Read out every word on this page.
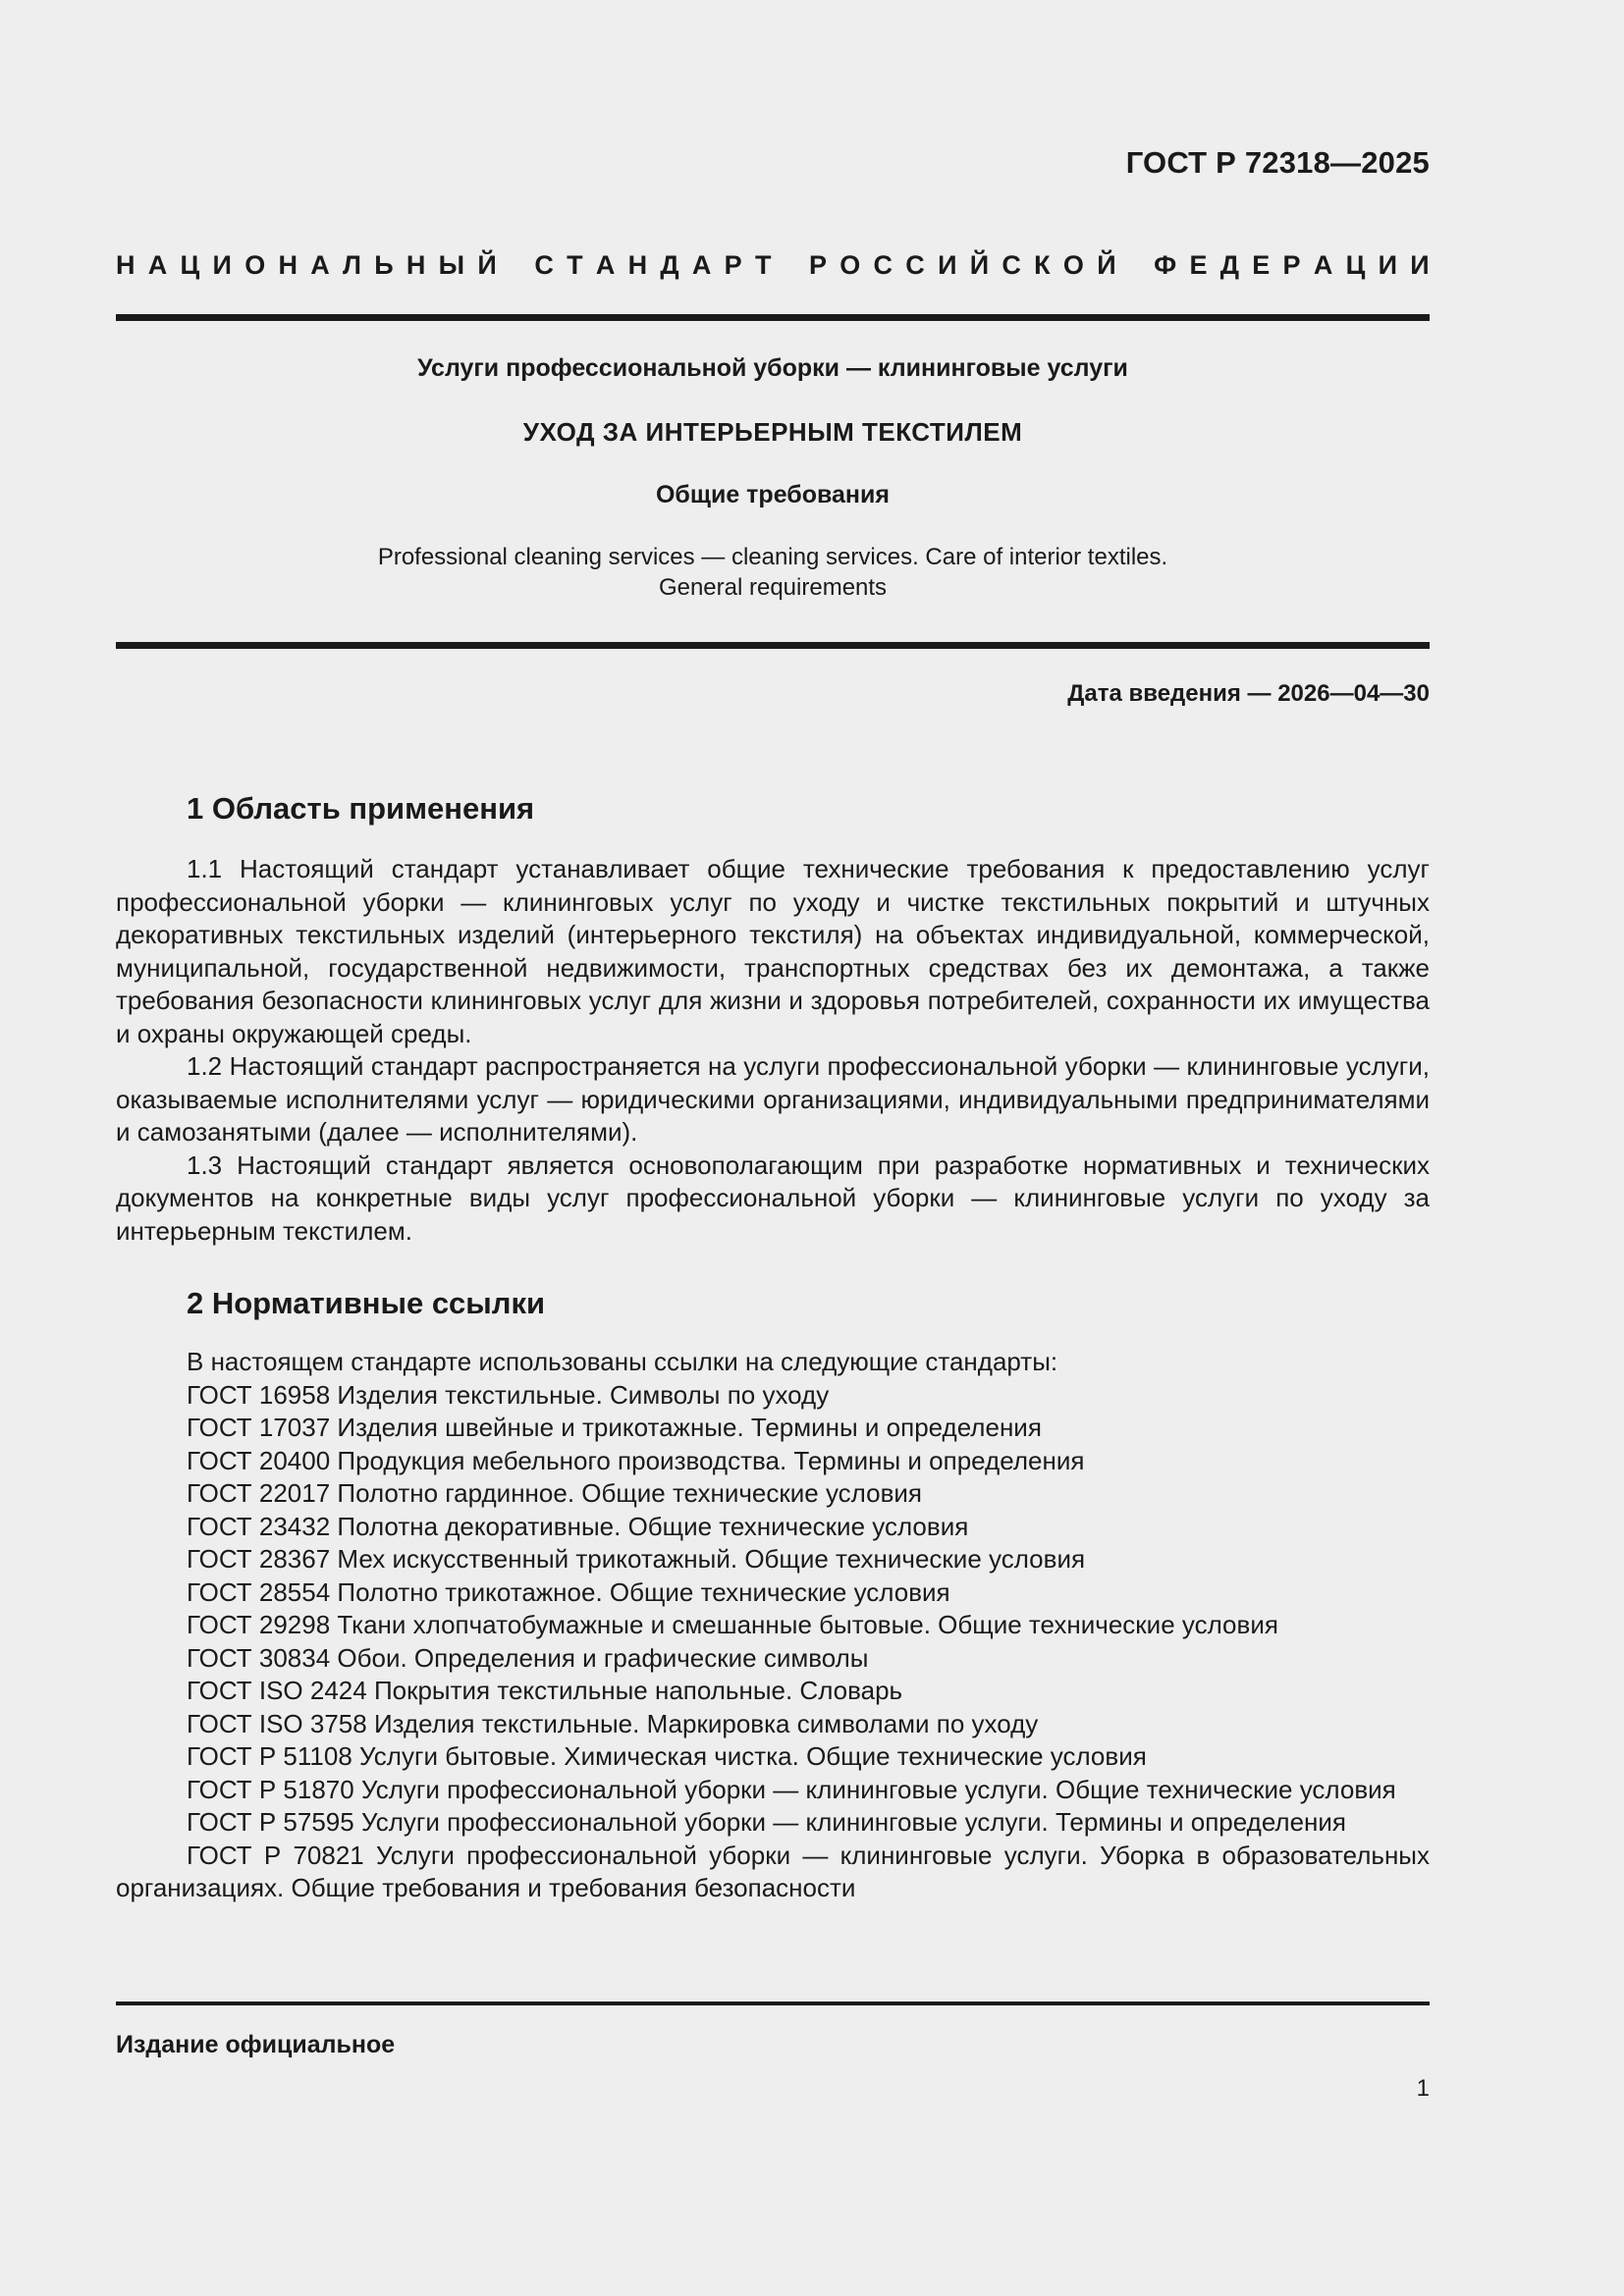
ГОСТ Р 72318—2025
Н А Ц И О Н А Л Ь Н Ы Й
С Т А Н Д А Р Т
Р О С С И Й С К О Й
Ф Е Д Е Р А Ц И И
Услуги профессиональной уборки — клининговые услуги
УХОД ЗА ИНТЕРЬЕРНЫМ ТЕКСТИЛЕМ
Общие требования
Professional cleaning services — cleaning services. Care of interior textiles.
General requirements
Дата введения — 2026—04—30
1 Область применения

1.1 Настоящий стандарт устанавливает общие технические требования к предоставлению услуг профессиональной уборки — клининговых услуг по уходу и чистке текстильных покрытий и штучных декоративных текстильных изделий (интерьерного текстиля) на объектах индивидуальной, коммерческой, муниципальной, государственной недвижимости, транспортных средствах без их демонтажа, а также требования безопасности клининговых услуг для жизни и здоровья потребителей, сохранности их имущества и охраны окружающей среды.

1.2 Настоящий стандарт распространяется на услуги профессиональной уборки — клининговые услуги, оказываемые исполнителями услуг — юридическими организациями, индивидуальными предпринимателями и самозанятыми (далее — исполнителями).

1.3 Настоящий стандарт является основополагающим при разработке нормативных и технических документов на конкретные виды услуг профессиональной уборки — клининговые услуги по уходу за интерьерным текстилем.

2 Нормативные ссылки

В настоящем стандарте использованы ссылки на следующие стандарты:

ГОСТ 16958 Изделия текстильные. Символы по уходу

ГОСТ 17037 Изделия швейные и трикотажные. Термины и определения

ГОСТ 20400 Продукция мебельного производства. Термины и определения

ГОСТ 22017 Полотно гардинное. Общие технические условия

ГОСТ 23432 Полотна декоративные. Общие технические условия

ГОСТ 28367 Мех искусственный трикотажный. Общие технические условия

ГОСТ 28554 Полотно трикотажное. Общие технические условия

ГОСТ 29298 Ткани хлопчатобумажные и смешанные бытовые. Общие технические условия

ГОСТ 30834 Обои. Определения и графические символы

ГОСТ ISO 2424 Покрытия текстильные напольные. Словарь

ГОСТ ISO 3758 Изделия текстильные. Маркировка символами по уходу

ГОСТ Р 51108 Услуги бытовые. Химическая чистка. Общие технические условия

ГОСТ Р 51870 Услуги профессиональной уборки — клининговые услуги. Общие технические условия

ГОСТ Р 57595 Услуги профессиональной уборки — клининговые услуги. Термины и определения

ГОСТ Р 70821 Услуги профессиональной уборки — клининговые услуги. Уборка в образовательных организациях. Общие требования и требования безопасности

Издание официальное
1
